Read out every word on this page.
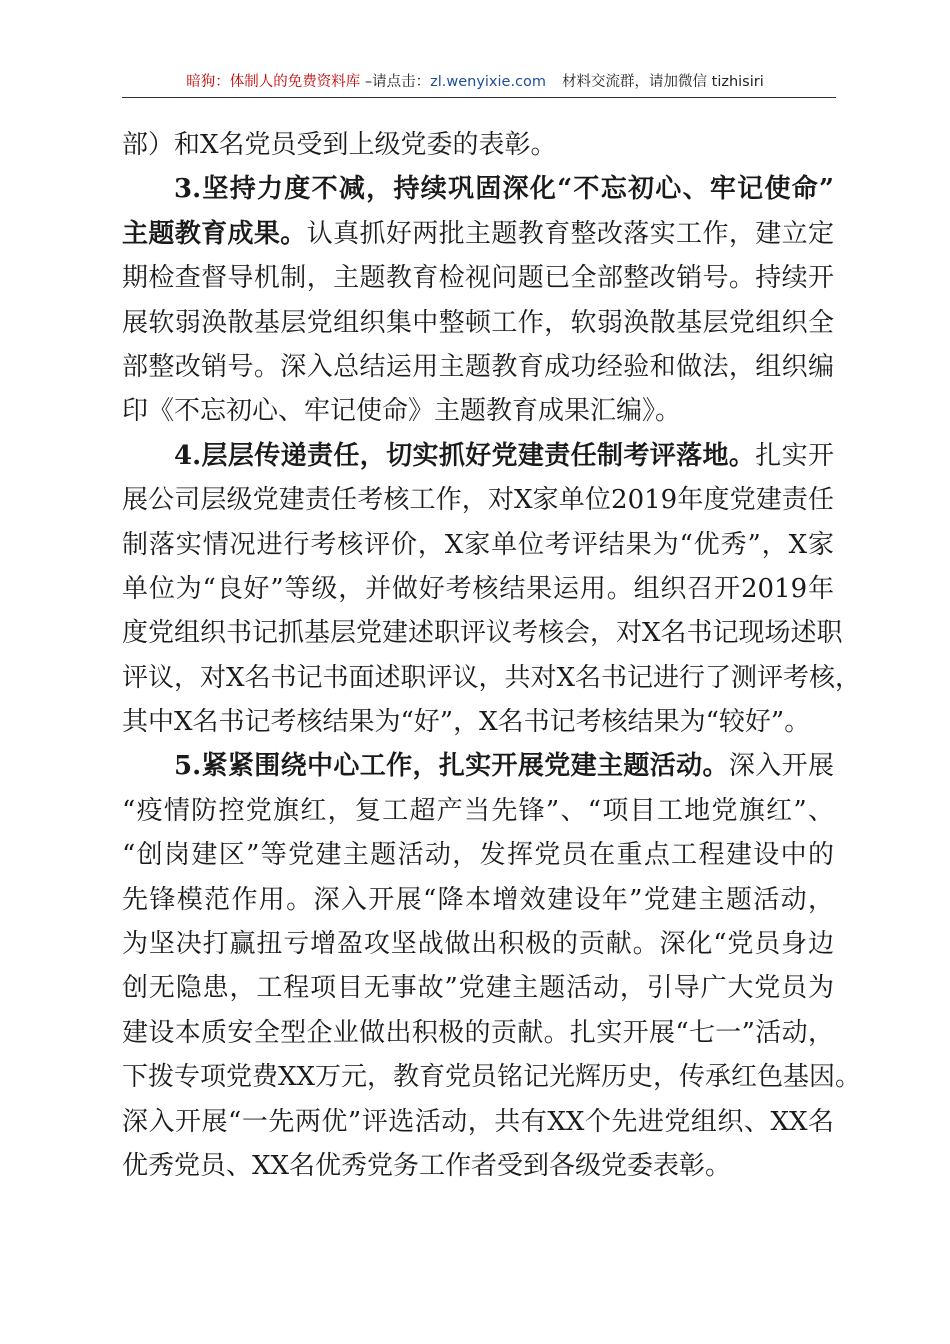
暗狗：体制人的免费资料库 –请点击：zl.wenyixie.com 材料交流群，请加微信 tizhisiri
部）和X名党员受到上级党委的表彰。
3.坚持力度不减，持续巩固深化“不忘初心、牢记使命”
主题教育成果。认真抓好两批主题教育整改落实工作，建立定
期检查督导机制，主题教育检视问题已全部整改销号。持续开
展软弱涣散基层党组织集中整顿工作，软弱涣散基层党组织全
部整改销号。深入总结运用主题教育成功经验和做法，组织编
印《不忘初心、牢记使命》主题教育成果汇编》。
4.层层传递责任，切实抓好党建责任制考评落地。扎实开
展公司层级党建责任考核工作，对X家单位2019年度党建责任
制落实情况进行考核评价，X家单位考评结果为“优秀”，X家
单位为“良好”等级，并做好考核结果运用。组织召开2019年
度党组织书记抓基层党建述职评议考核会，对X名书记现场述职
评议，对X名书记书面述职评议，共对X名书记进行了测评考核，
其中X名书记考核结果为“好”，X名书记考核结果为“较好”。
5.紧紧围绕中心工作，扎实开展党建主题活动。深入开展
“疫情防控党旗红，复工超产当先锋”、“项目工地党旗红”、
“创岗建区”等党建主题活动，发挥党员在重点工程建设中的
先锋模范作用。深入开展“降本增效建设年”党建主题活动，
为坚决打赢扭亏增盈攻坚战做出积极的贡献。深化“党员身边
创无隐患，工程项目无事故”党建主题活动，引导广大党员为
建设本质安全型企业做出积极的贡献。扎实开展“七一”活动，
下拨专项党费XX万元，教育党员铭记光辉历史，传承红色基因。
深入开展“一先两优”评选活动，共有XX个先进党组织、XX名
优秀党员、XX名优秀党务工作者受到各级党委表彰。
